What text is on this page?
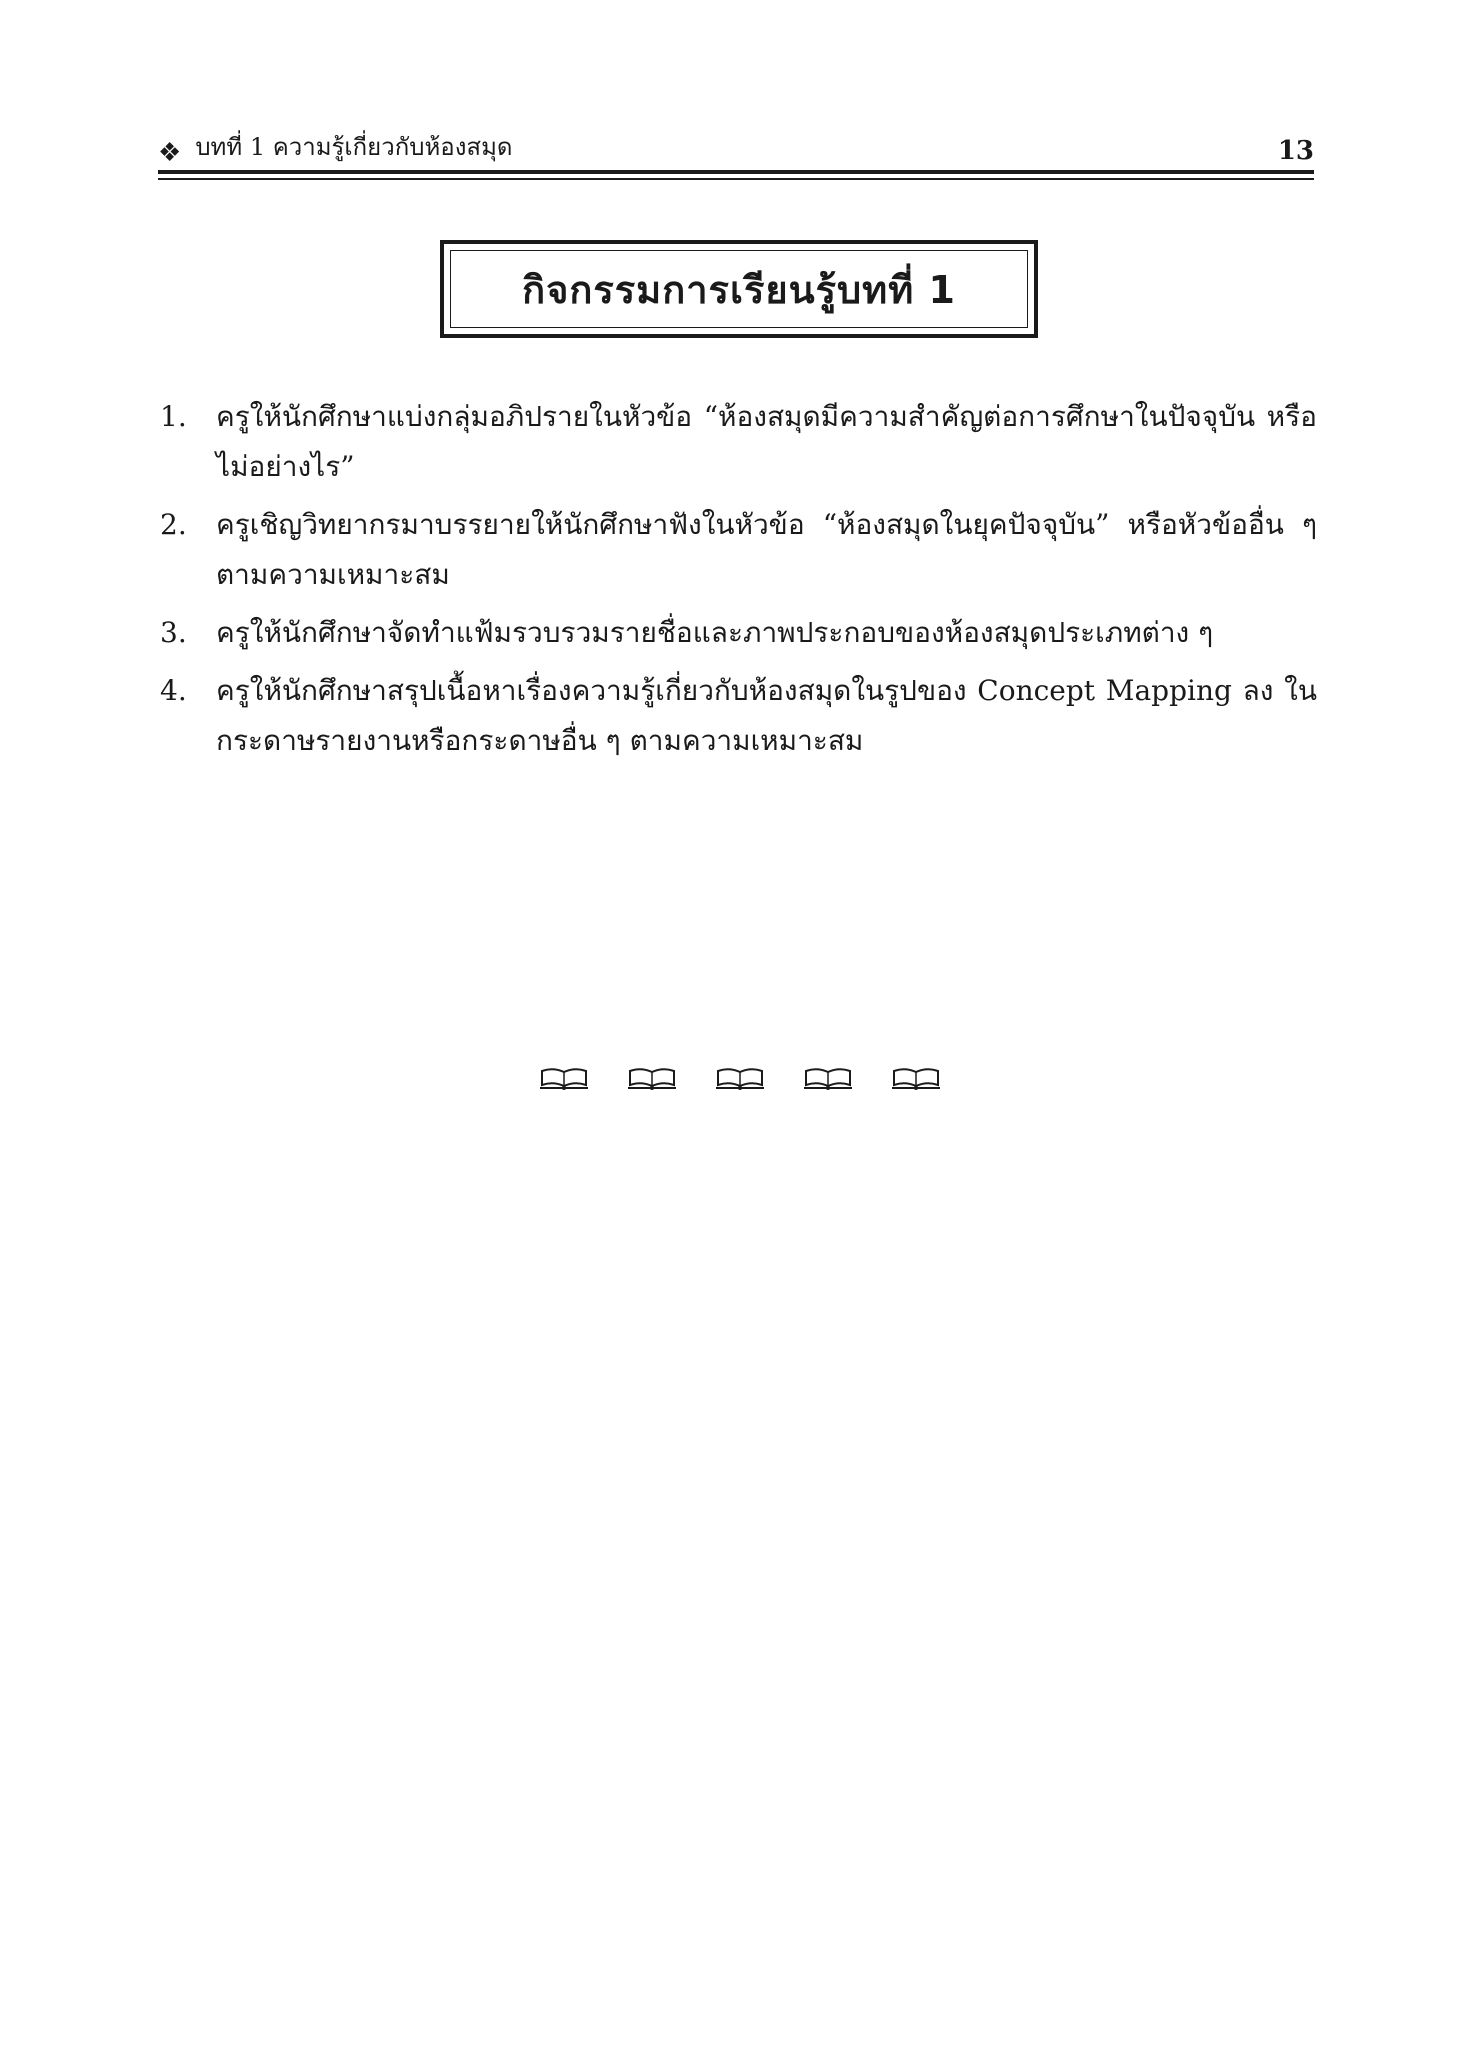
❖ บทที่ 1 ความรู้เกี่ยวกับห้องสมุด	13
กิจกรรมการเรียนรู้บทที่ 1
1.	ครูให้นักศึกษาแบ่งกลุ่มอภิปรายในหัวข้อ “ห้องสมุดมีความสำคัญต่อการศึกษาในปัจจุบัน หรือไม่อย่างไร”
2.	ครูเชิญวิทยากรมาบรรยายให้นักศึกษาฟังในหัวข้อ “ห้องสมุดในยุคปัจจุบัน” หรือหัวข้ออื่น ๆ ตามความเหมาะสม
3.	ครูให้นักศึกษาจัดทำแฟ้มรวบรวมรายชื่อและภาพประกอบของห้องสมุดประเภทต่าง ๆ
4.	ครูให้นักศึกษาสรุปเนื้อหาเรื่องความรู้เกี่ยวกับห้องสมุดในรูปของ Concept Mapping ลง ในกระดาษรายงานหรือกระดาษอื่น ๆ ตามความเหมาะสม
